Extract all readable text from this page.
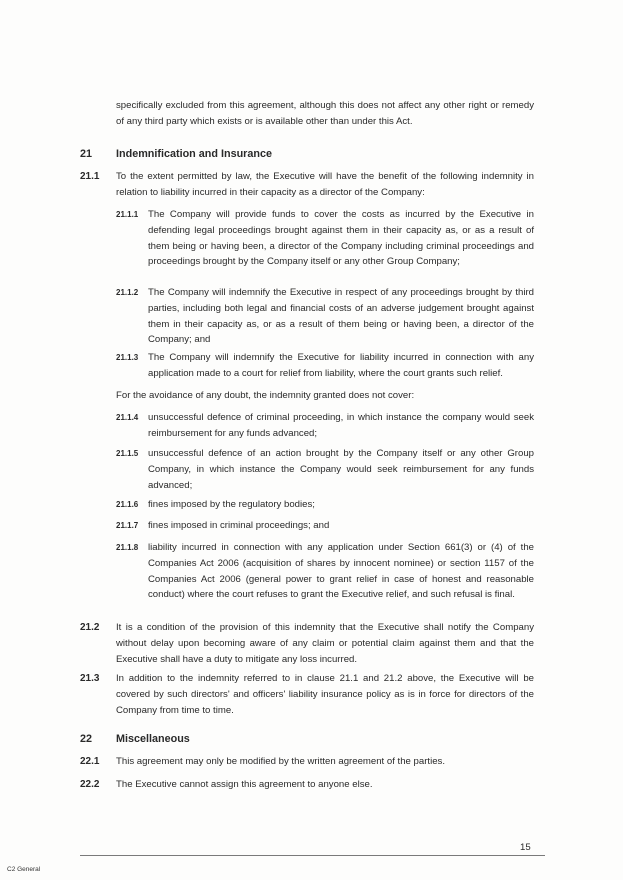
specifically excluded from this agreement, although this does not affect any other right or remedy of any third party which exists or is available other than under this Act.

21 Indemnification and Insurance
21.1 To the extent permitted by law, the Executive will have the benefit of the following indemnity in relation to liability incurred in their capacity as a director of the Company:

21.1.1 The Company will provide funds to cover the costs as incurred by the Executive in defending legal proceedings brought against them in their capacity as, or as a result of them being or having been, a director of the Company including criminal proceedings and proceedings brought by the Company itself or any other Group Company;

21.1.2 The Company will indemnify the Executive in respect of any proceedings brought by third parties, including both legal and financial costs of an adverse judgement brought against them in their capacity as, or as a result of them being or having been, a director of the Company; and

21.1.3 The Company will indemnify the Executive for liability incurred in connection with any application made to a court for relief from liability, where the court grants such relief.

For the avoidance of any doubt, the indemnity granted does not cover:

21.1.4 unsuccessful defence of criminal proceeding, in which instance the company would seek reimbursement for any funds advanced;

21.1.5 unsuccessful defence of an action brought by the Company itself or any other Group Company, in which instance the Company would seek reimbursement for any funds advanced;

21.1.6 fines imposed by the regulatory bodies;

21.1.7 fines imposed in criminal proceedings; and

21.1.8 liability incurred in connection with any application under Section 661(3) or (4) of the Companies Act 2006 (acquisition of shares by innocent nominee) or section 1157 of the Companies Act 2006 (general power to grant relief in case of honest and reasonable conduct) where the court refuses to grant the Executive relief, and such refusal is final.

21.2 It is a condition of the provision of this indemnity that the Executive shall notify the Company without delay upon becoming aware of any claim or potential claim against them and that the Executive shall have a duty to mitigate any loss incurred.

21.3 In addition to the indemnity referred to in clause 21.1 and 21.2 above, the Executive will be covered by such directors' and officers' liability insurance policy as is in force for directors of the Company from time to time.

22 Miscellaneous
22.1 This agreement may only be modified by the written agreement of the parties.

22.2 The Executive cannot assign this agreement to anyone else.

15
C2 General
